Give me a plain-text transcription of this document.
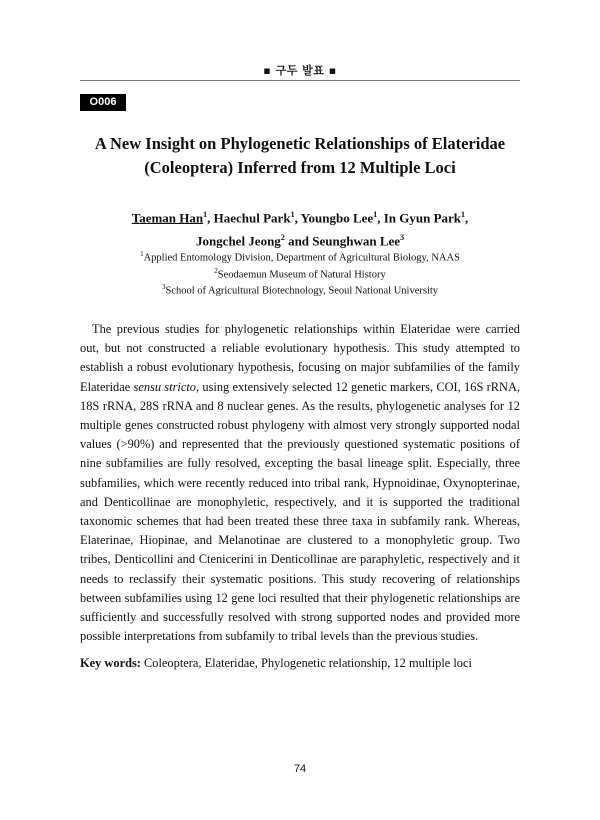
▪ 구두 발표 ▪
O006
A New Insight on Phylogenetic Relationships of Elateridae (Coleoptera) Inferred from 12 Multiple Loci
Taeman Han$^1$, Haechul Park$^1$, Youngbo Lee$^1$, In Gyun Park$^1$,
Jongchel Jeong$^2$ and Seunghwan Lee$^3$
$^1$Applied Entomology Division, Department of Agricultural Biology, NAAS
$^2$Seodaemun Museum of Natural History
$^3$School of Agricultural Biotechnology, Seoul National University

The previous studies for phylogenetic relationships within Elateridae were carried out, but not constructed a reliable evolutionary hypothesis. This study attempted to establish a robust evolutionary hypothesis, focusing on major subfamilies of the family Elateridae sensu stricto, using extensively selected 12 genetic markers, COI, 16S rRNA, 18S rRNA, 28S rRNA and 8 nuclear genes. As the results, phylogenetic analyses for 12 multiple genes constructed robust phylogeny with almost very strongly supported nodal values (>90%) and represented that the previously questioned systematic positions of nine subfamilies are fully resolved, excepting the basal lineage split. Especially, three subfamilies, which were recently reduced into tribal rank, Hypnoidinae, Oxynopterinae, and Denticollinae are monophyletic, respectively, and it is supported the traditional taxonomic schemes that had been treated these three taxa in subfamily rank. Whereas, Elaterinae, Hiopinae, and Melanotinae are clustered to a monophyletic group. Two tribes, Denticollini and Ctenicerini in Denticollinae are paraphyletic, respectively and it needs to reclassify their systematic positions. This study recovering of relationships between subfamilies using 12 gene loci resulted that their phylogenetic relationships are sufficiently and successfully resolved with strong supported nodes and provided more possible interpretations from subfamily to tribal levels than the previous studies.

Key words: Coleoptera, Elateridae, Phylogenetic relationship, 12 multiple loci

74
